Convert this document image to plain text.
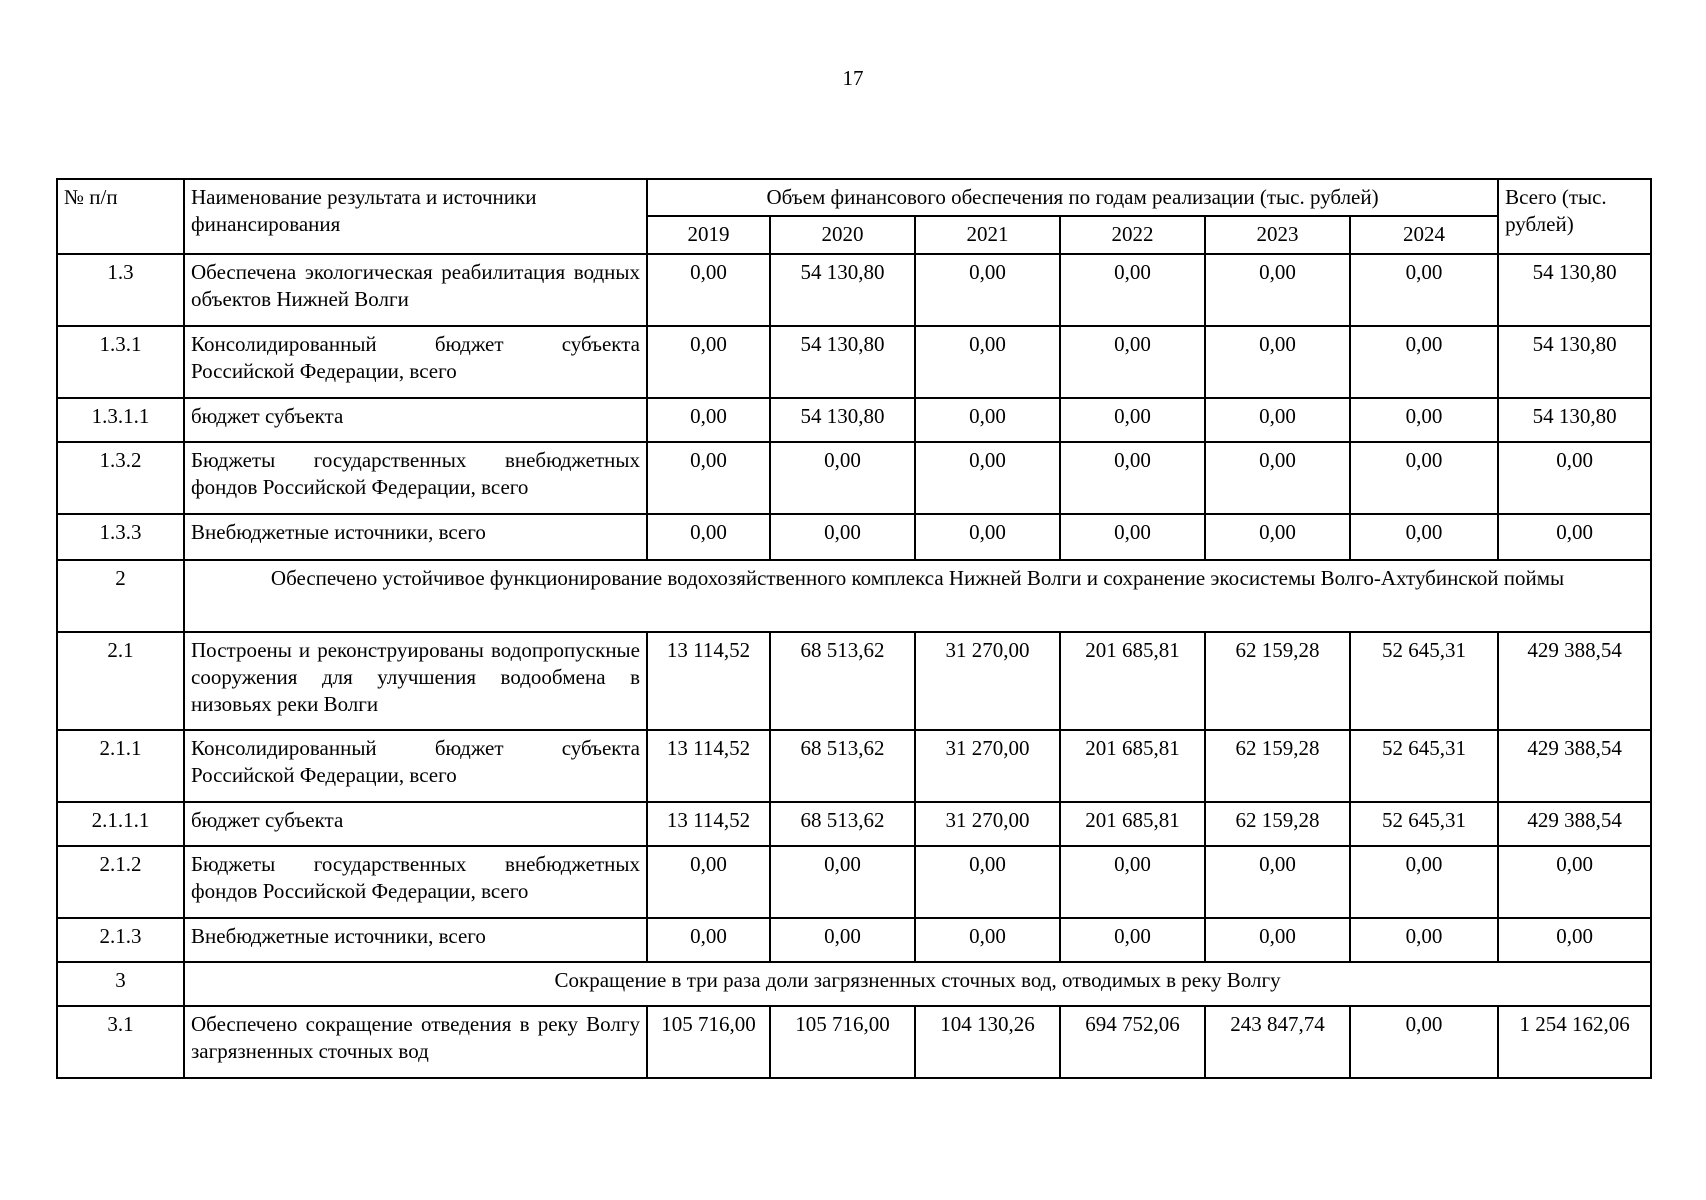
17
№ п/п	Наименование результата и источники финансирования	Объем финансового обеспечения по годам реализации (тыс. рублей)						Всего (тыс. рублей)
		2019	2020	2021	2022	2023	2024	
1.3	Обеспечена экологическая реабилитация водных объектов Нижней Волги	0,00	54 130,80	0,00	0,00	0,00	0,00	54 130,80
1.3.1	Консолидированный бюджет субъекта Российской Федерации, всего	0,00	54 130,80	0,00	0,00	0,00	0,00	54 130,80
1.3.1.1	бюджет субъекта	0,00	54 130,80	0,00	0,00	0,00	0,00	54 130,80
1.3.2	Бюджеты государственных внебюджетных фондов Российской Федерации, всего	0,00	0,00	0,00	0,00	0,00	0,00	0,00
1.3.3	Внебюджетные источники, всего	0,00	0,00	0,00	0,00	0,00	0,00	0,00
2	Обеспечено устойчивое функционирование водохозяйственного комплекса Нижней Волги и сохранение экосистемы Волго-Ахтубинской поймы							
2.1	Построены и реконструированы водопропускные сооружения для улучшения водообмена в низовьях реки Волги	13 114,52	68 513,62	31 270,00	201 685,81	62 159,28	52 645,31	429 388,54
2.1.1	Консолидированный бюджет субъекта Российской Федерации, всего	13 114,52	68 513,62	31 270,00	201 685,81	62 159,28	52 645,31	429 388,54
2.1.1.1	бюджет субъекта	13 114,52	68 513,62	31 270,00	201 685,81	62 159,28	52 645,31	429 388,54
2.1.2	Бюджеты государственных внебюджетных фондов Российской Федерации, всего	0,00	0,00	0,00	0,00	0,00	0,00	0,00
2.1.3	Внебюджетные источники, всего	0,00	0,00	0,00	0,00	0,00	0,00	0,00
3	Сокращение в три раза доли загрязненных сточных вод, отводимых в реку Волгу							
3.1	Обеспечено сокращение отведения в реку Волгу загрязненных сточных вод	105 716,00	105 716,00	104 130,26	694 752,06	243 847,74	0,00	1 254 162,06
